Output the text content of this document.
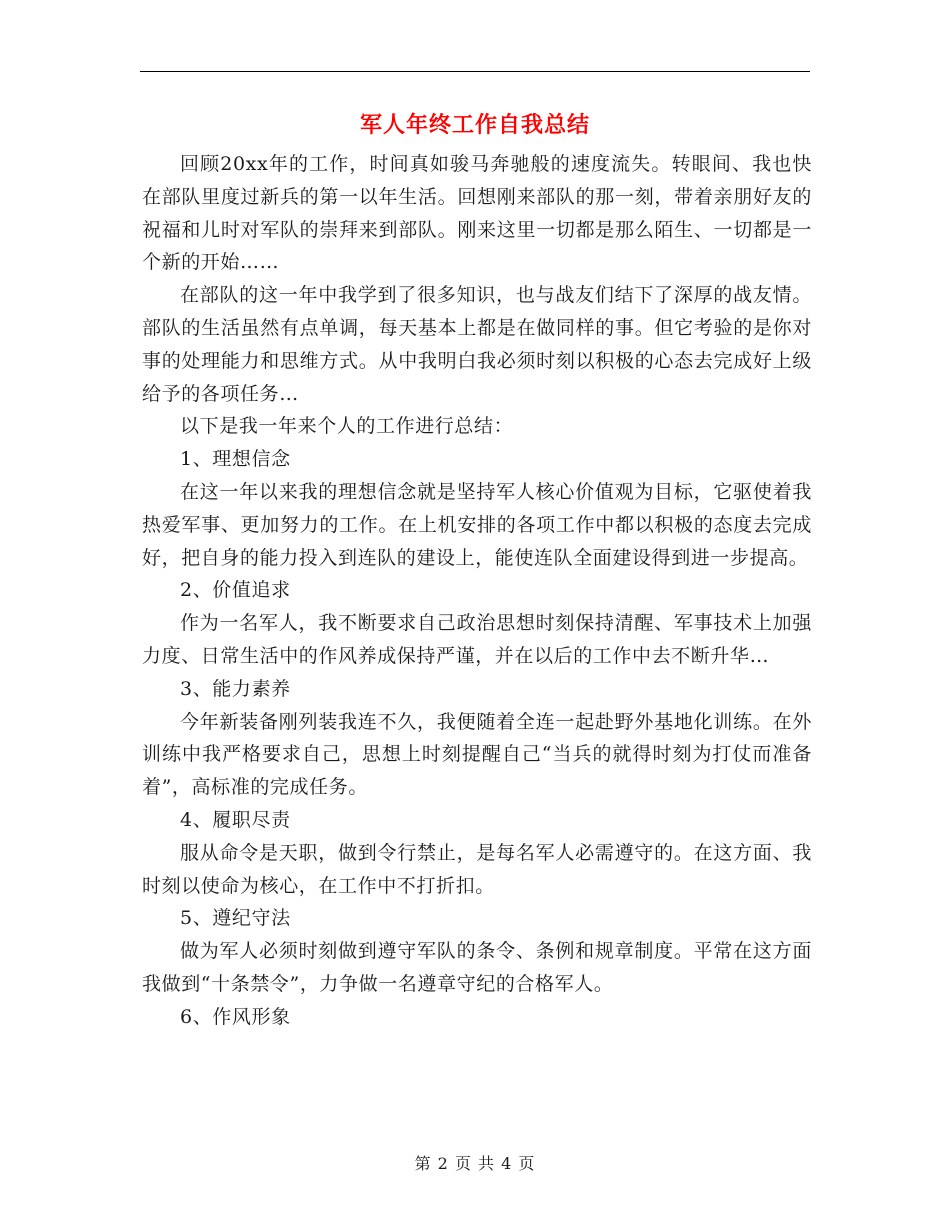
军人年终工作自我总结

回顾20xx年的工作，时间真如骏马奔驰般的速度流失。转眼间、我也快在部队里度过新兵的第一以年生活。回想刚来部队的那一刻，带着亲朋好友的祝福和儿时对军队的崇拜来到部队。刚来这里一切都是那么陌生、一切都是一个新的开始……

在部队的这一年中我学到了很多知识，也与战友们结下了深厚的战友情。部队的生活虽然有点单调，每天基本上都是在做同样的事。但它考验的是你对事的处理能力和思维方式。从中我明白我必须时刻以积极的心态去完成好上级给予的各项任务…

以下是我一年来个人的工作进行总结：

1、理想信念

在这一年以来我的理想信念就是坚持军人核心价值观为目标，它驱使着我热爱军事、更加努力的工作。在上机安排的各项工作中都以积极的态度去完成好，把自身的能力投入到连队的建设上，能使连队全面建设得到进一步提高。

2、价值追求

作为一名军人，我不断要求自己政治思想时刻保持清醒、军事技术上加强力度、日常生活中的作风养成保持严谨，并在以后的工作中去不断升华…

3、能力素养

今年新装备刚列装我连不久，我便随着全连一起赴野外基地化训练。在外训练中我严格要求自己，思想上时刻提醒自己“当兵的就得时刻为打仗而准备着”，高标准的完成任务。

4、履职尽责

服从命令是天职，做到令行禁止，是每名军人必需遵守的。在这方面、我时刻以使命为核心，在工作中不打折扣。

5、遵纪守法

做为军人必须时刻做到遵守军队的条令、条例和规章制度。平常在这方面我做到“十条禁令”，力争做一名遵章守纪的合格军人。

6、作风形象

第 2 页 共 4 页
